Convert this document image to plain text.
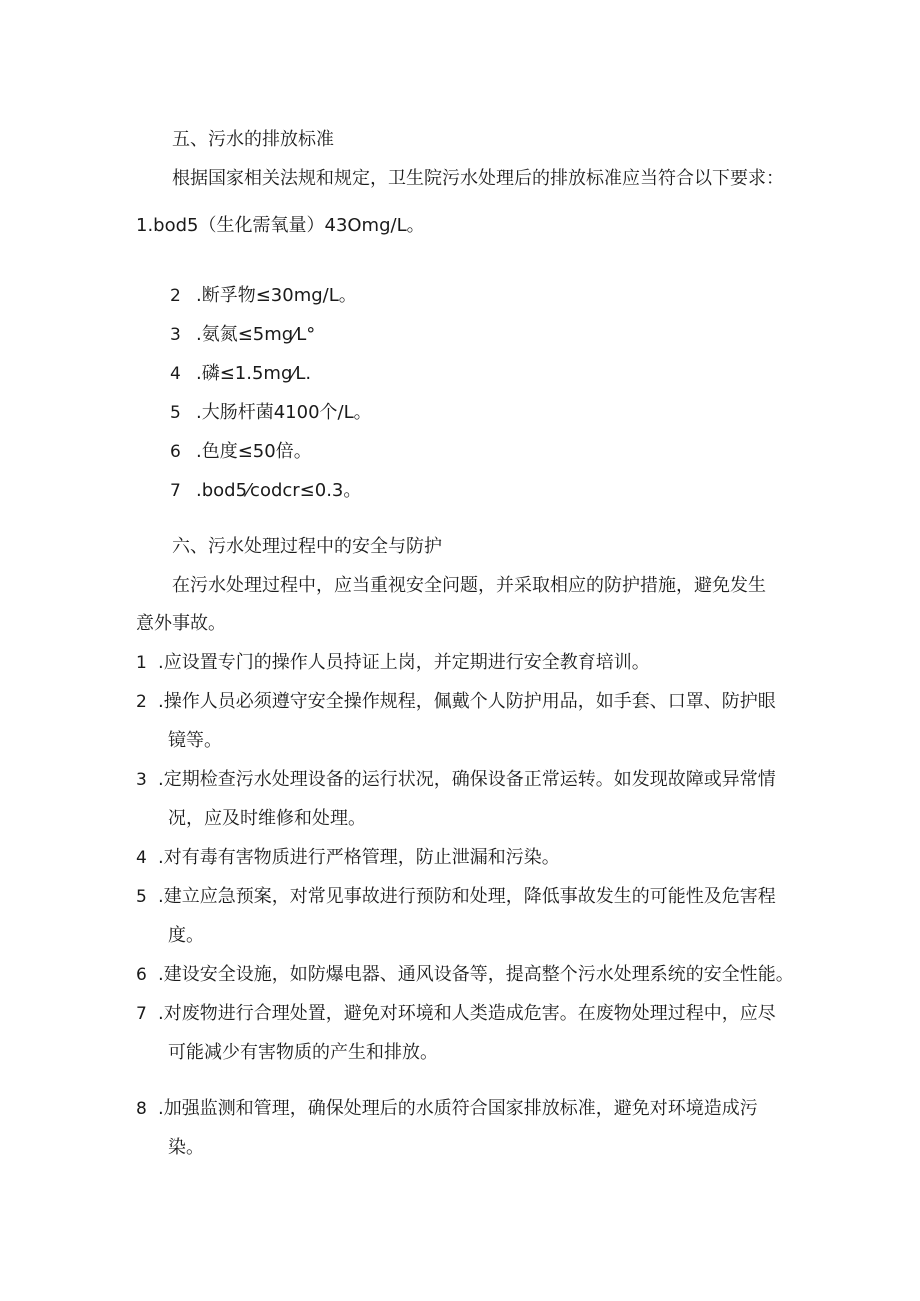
五、污水的排放标准
根据国家相关法规和规定，卫生院污水处理后的排放标准应当符合以下要求：
1.bod5（生化需氧量）43Omg/L。
2 .断孚物≤30mg/L。
3 .氨氮≤5mg⁄L°
4 .磷≤1.5mg⁄L.
5 .大肠杆菌4100个/L。
6 .色度≤50倍。
7 .bod5⁄codcr≤0.3。
六、污水处理过程中的安全与防护
在污水处理过程中，应当重视安全问题，并采取相应的防护措施，避免发生
意外事故。
1 .应设置专门的操作人员持证上岗，并定期进行安全教育培训。
2 .操作人员必须遵守安全操作规程，佩戴个人防护用品，如手套、口罩、防护眼
镜等。
3 .定期检查污水处理设备的运行状况，确保设备正常运转。如发现故障或异常情
况，应及时维修和处理。
4 .对有毒有害物质进行严格管理，防止泄漏和污染。
5 .建立应急预案，对常见事故进行预防和处理，降低事故发生的可能性及危害程
度。
6 .建设安全设施，如防爆电器、通风设备等，提高整个污水处理系统的安全性能。
7 .对废物进行合理处置，避免对环境和人类造成危害。在废物处理过程中，应尽
可能减少有害物质的产生和排放。
8 .加强监测和管理，确保处理后的水质符合国家排放标准，避免对环境造成污
染。
